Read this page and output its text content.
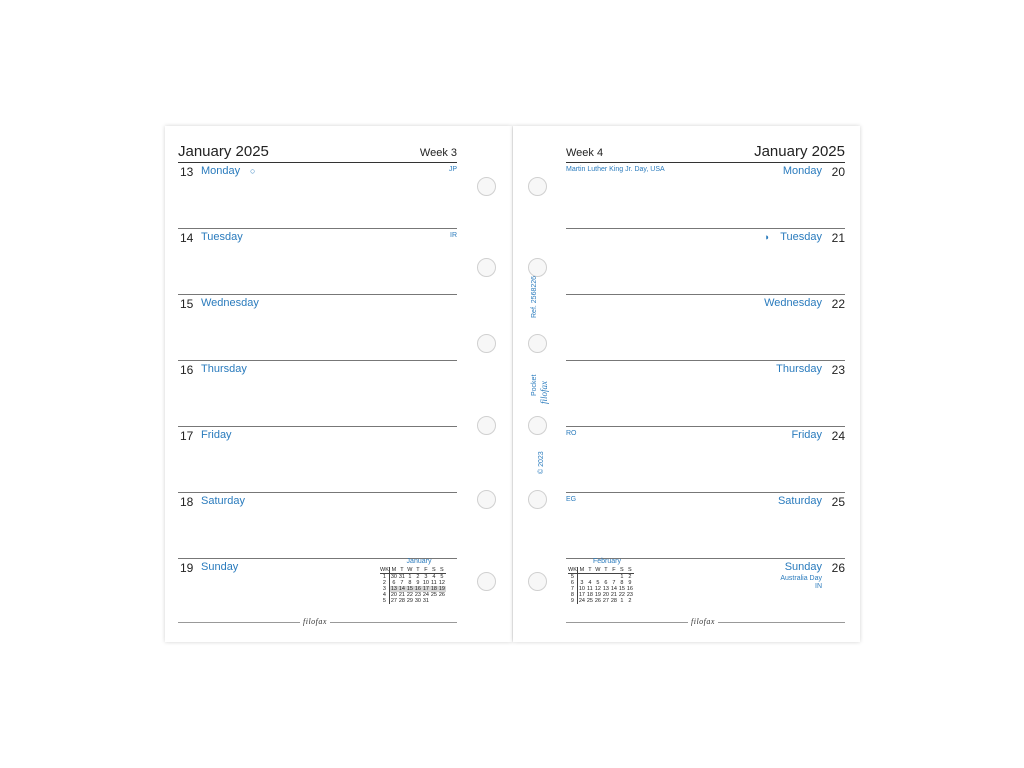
January 2025	Week 3
13 Monday ○	JP
14 Tuesday	IR
15 Wednesday
16 Thursday
17 Friday
18 Saturday
19 Sunday	January
WK	M	T	W	T	F	S	S
1	30	31	1	2	3	4	5
2	6	7	8	9	10	11	12
3	13	14	15	16	17	18	19
4	20	21	22	23	24	25	26
5	27	28	29	30	31		
filofax
Week 4	January 2025
Martin Luther King Jr. Day, USA	Monday 20
◑ Tuesday 21
Wednesday 22
Thursday 23
RO	Friday 24
EG	Saturday 25
Sunday 26
Australia Day
IN
February
WK	M	T	W	T	F	S	S
5						1	2
6	3	4	5	6	7	8	9
7	10	11	12	13	14	15	16
8	17	18	19	20	21	22	23
9	24	25	26	27	28	1	2
filofax
Ref. 2568226
Pocket filofax
© 2023
